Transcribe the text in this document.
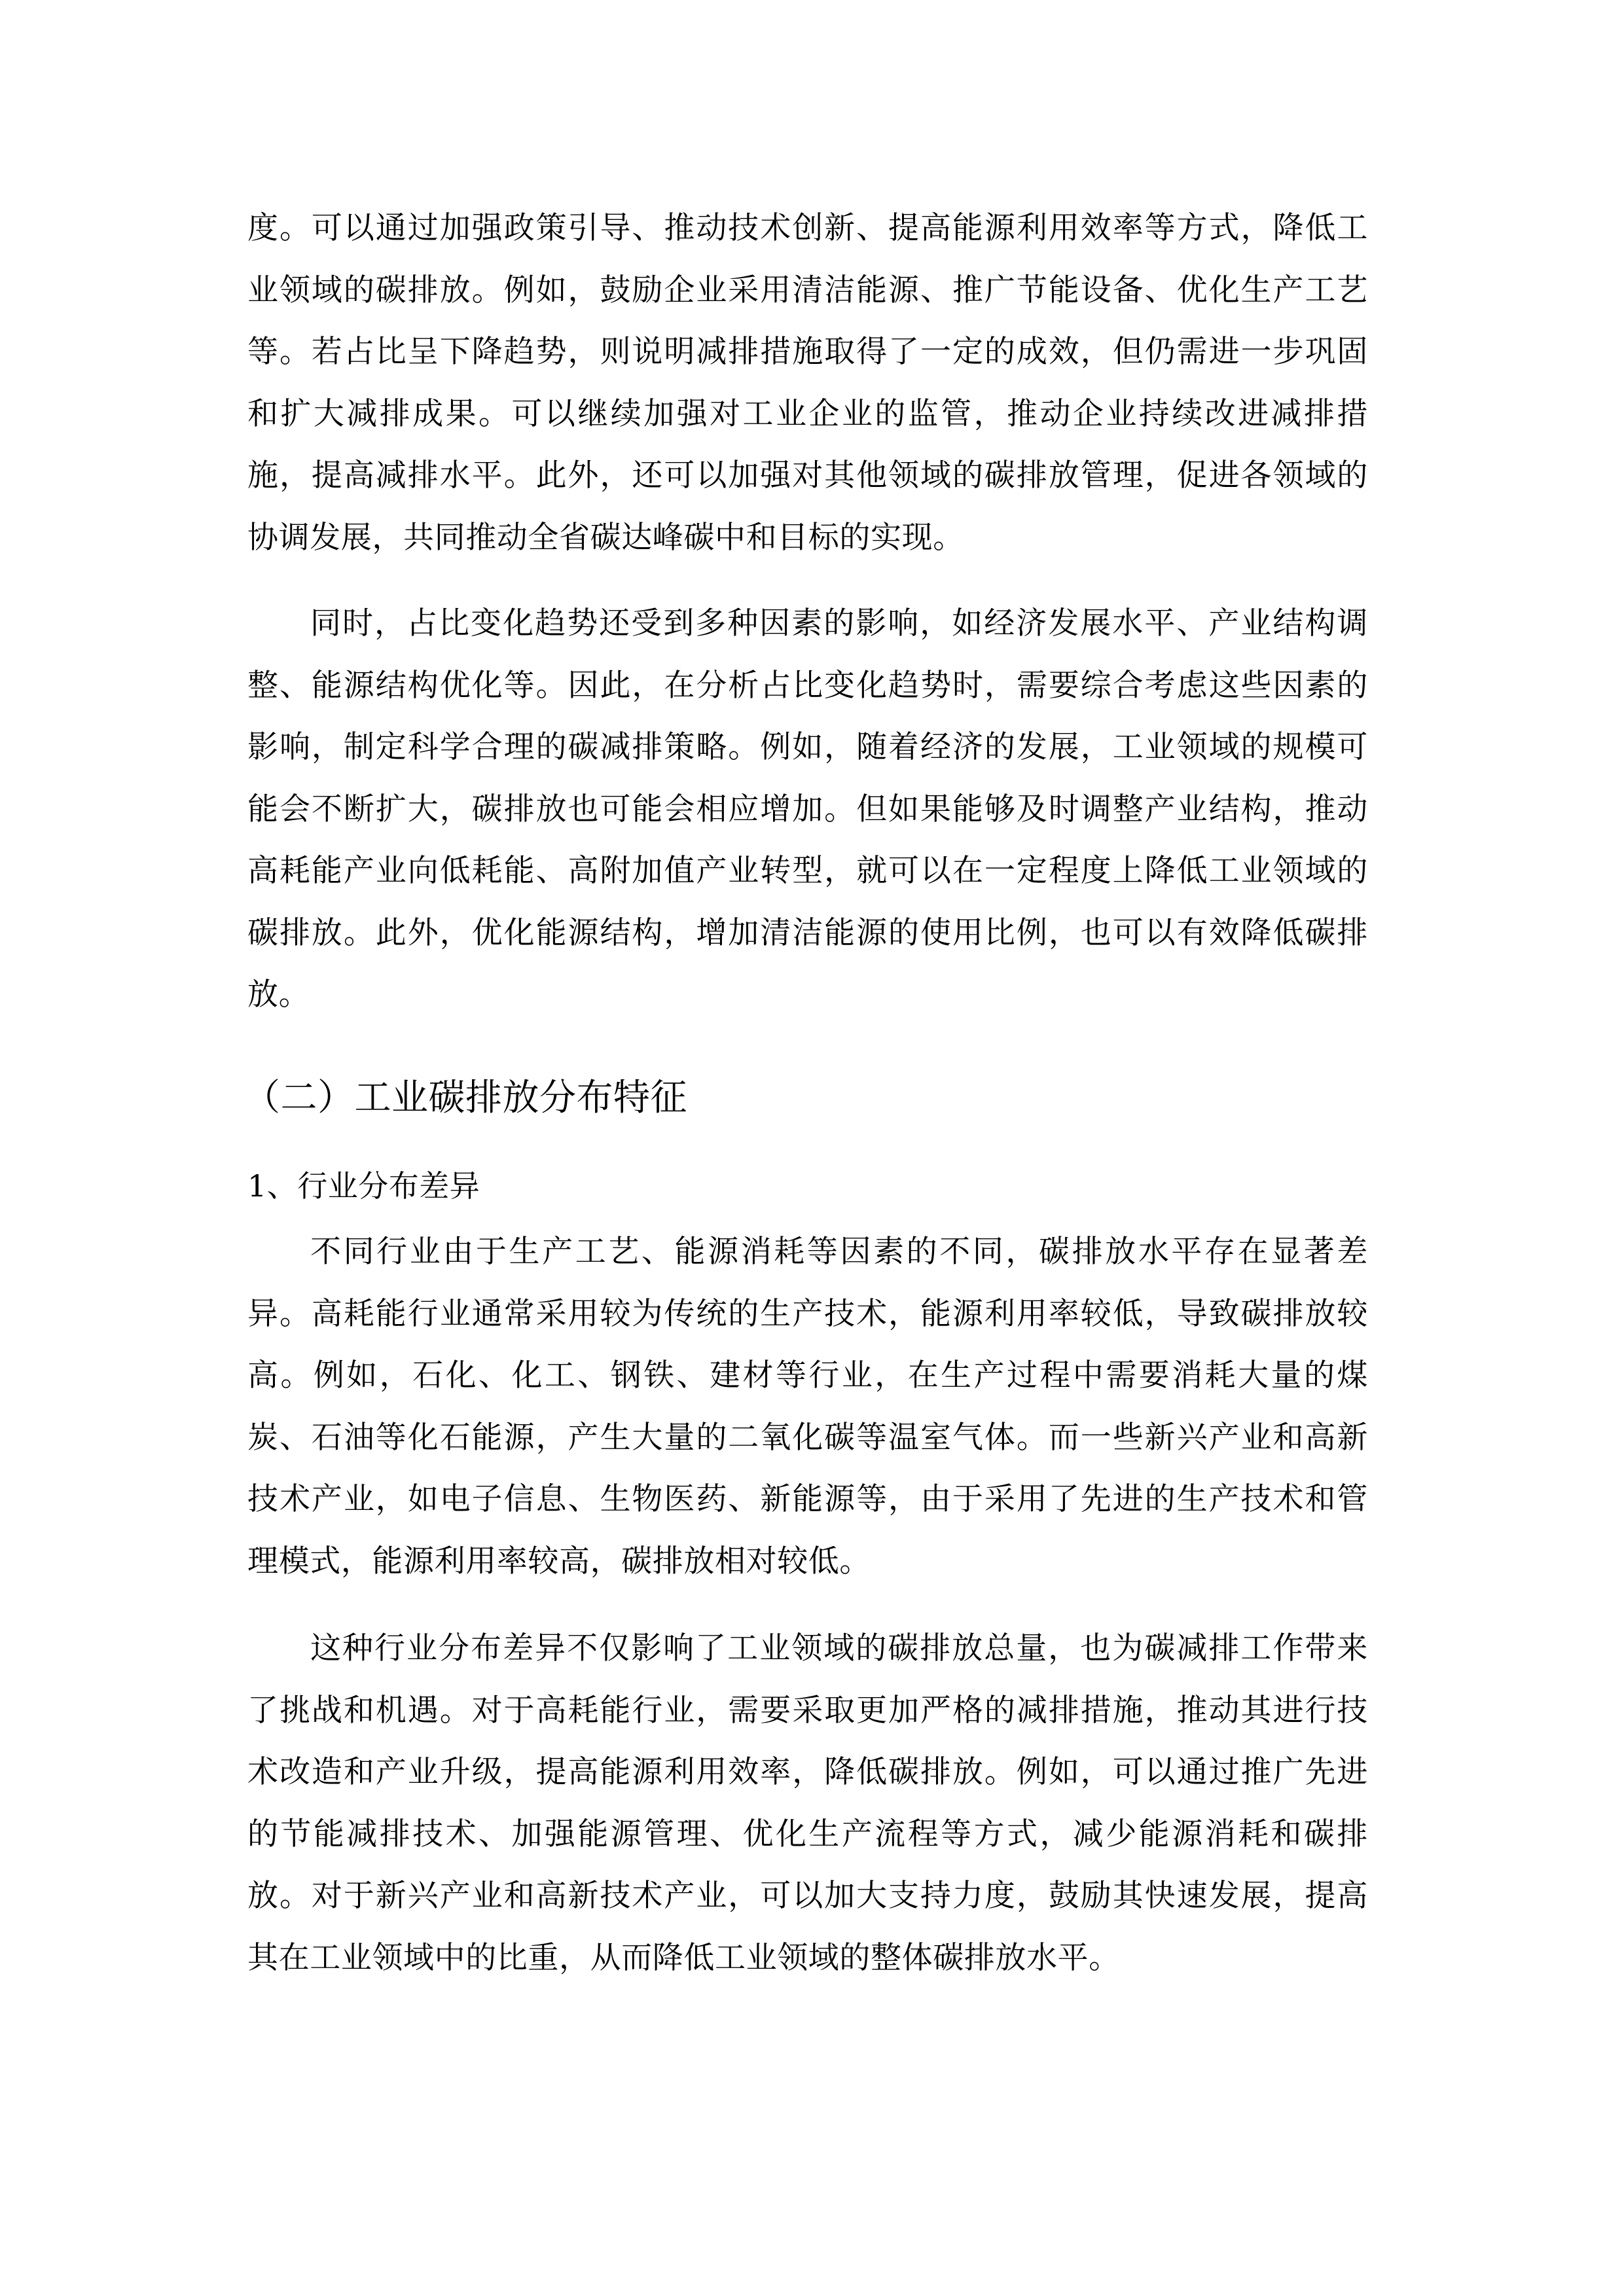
度。可以通过加强政策引导、推动技术创新、提高能源利用效率等方式，降低工业领域的碳排放。例如，鼓励企业采用清洁能源、推广节能设备、优化生产工艺等。若占比呈下降趋势，则说明减排措施取得了一定的成效，但仍需进一步巩固和扩大减排成果。可以继续加强对工业企业的监管，推动企业持续改进减排措施，提高减排水平。此外，还可以加强对其他领域的碳排放管理，促进各领域的协调发展，共同推动全省碳达峰碳中和目标的实现。

同时，占比变化趋势还受到多种因素的影响，如经济发展水平、产业结构调整、能源结构优化等。因此，在分析占比变化趋势时，需要综合考虑这些因素的影响，制定科学合理的碳减排策略。例如，随着经济的发展，工业领域的规模可能会不断扩大，碳排放也可能会相应增加。但如果能够及时调整产业结构，推动高耗能产业向低耗能、高附加值产业转型，就可以在一定程度上降低工业领域的碳排放。此外，优化能源结构，增加清洁能源的使用比例，也可以有效降低碳排放。

（二）工业碳排放分布特征
1、行业分布差异

不同行业由于生产工艺、能源消耗等因素的不同，碳排放水平存在显著差异。高耗能行业通常采用较为传统的生产技术，能源利用率较低，导致碳排放较高。例如，石化、化工、钢铁、建材等行业，在生产过程中需要消耗大量的煤炭、石油等化石能源，产生大量的二氧化碳等温室气体。而一些新兴产业和高新技术产业，如电子信息、生物医药、新能源等，由于采用了先进的生产技术和管理模式，能源利用率较高，碳排放相对较低。

这种行业分布差异不仅影响了工业领域的碳排放总量，也为碳减排工作带来了挑战和机遇。对于高耗能行业，需要采取更加严格的减排措施，推动其进行技术改造和产业升级，提高能源利用效率，降低碳排放。例如，可以通过推广先进的节能减排技术、加强能源管理、优化生产流程等方式，减少能源消耗和碳排放。对于新兴产业和高新技术产业，可以加大支持力度，鼓励其快速发展，提高其在工业领域中的比重，从而降低工业领域的整体碳排放水平。
